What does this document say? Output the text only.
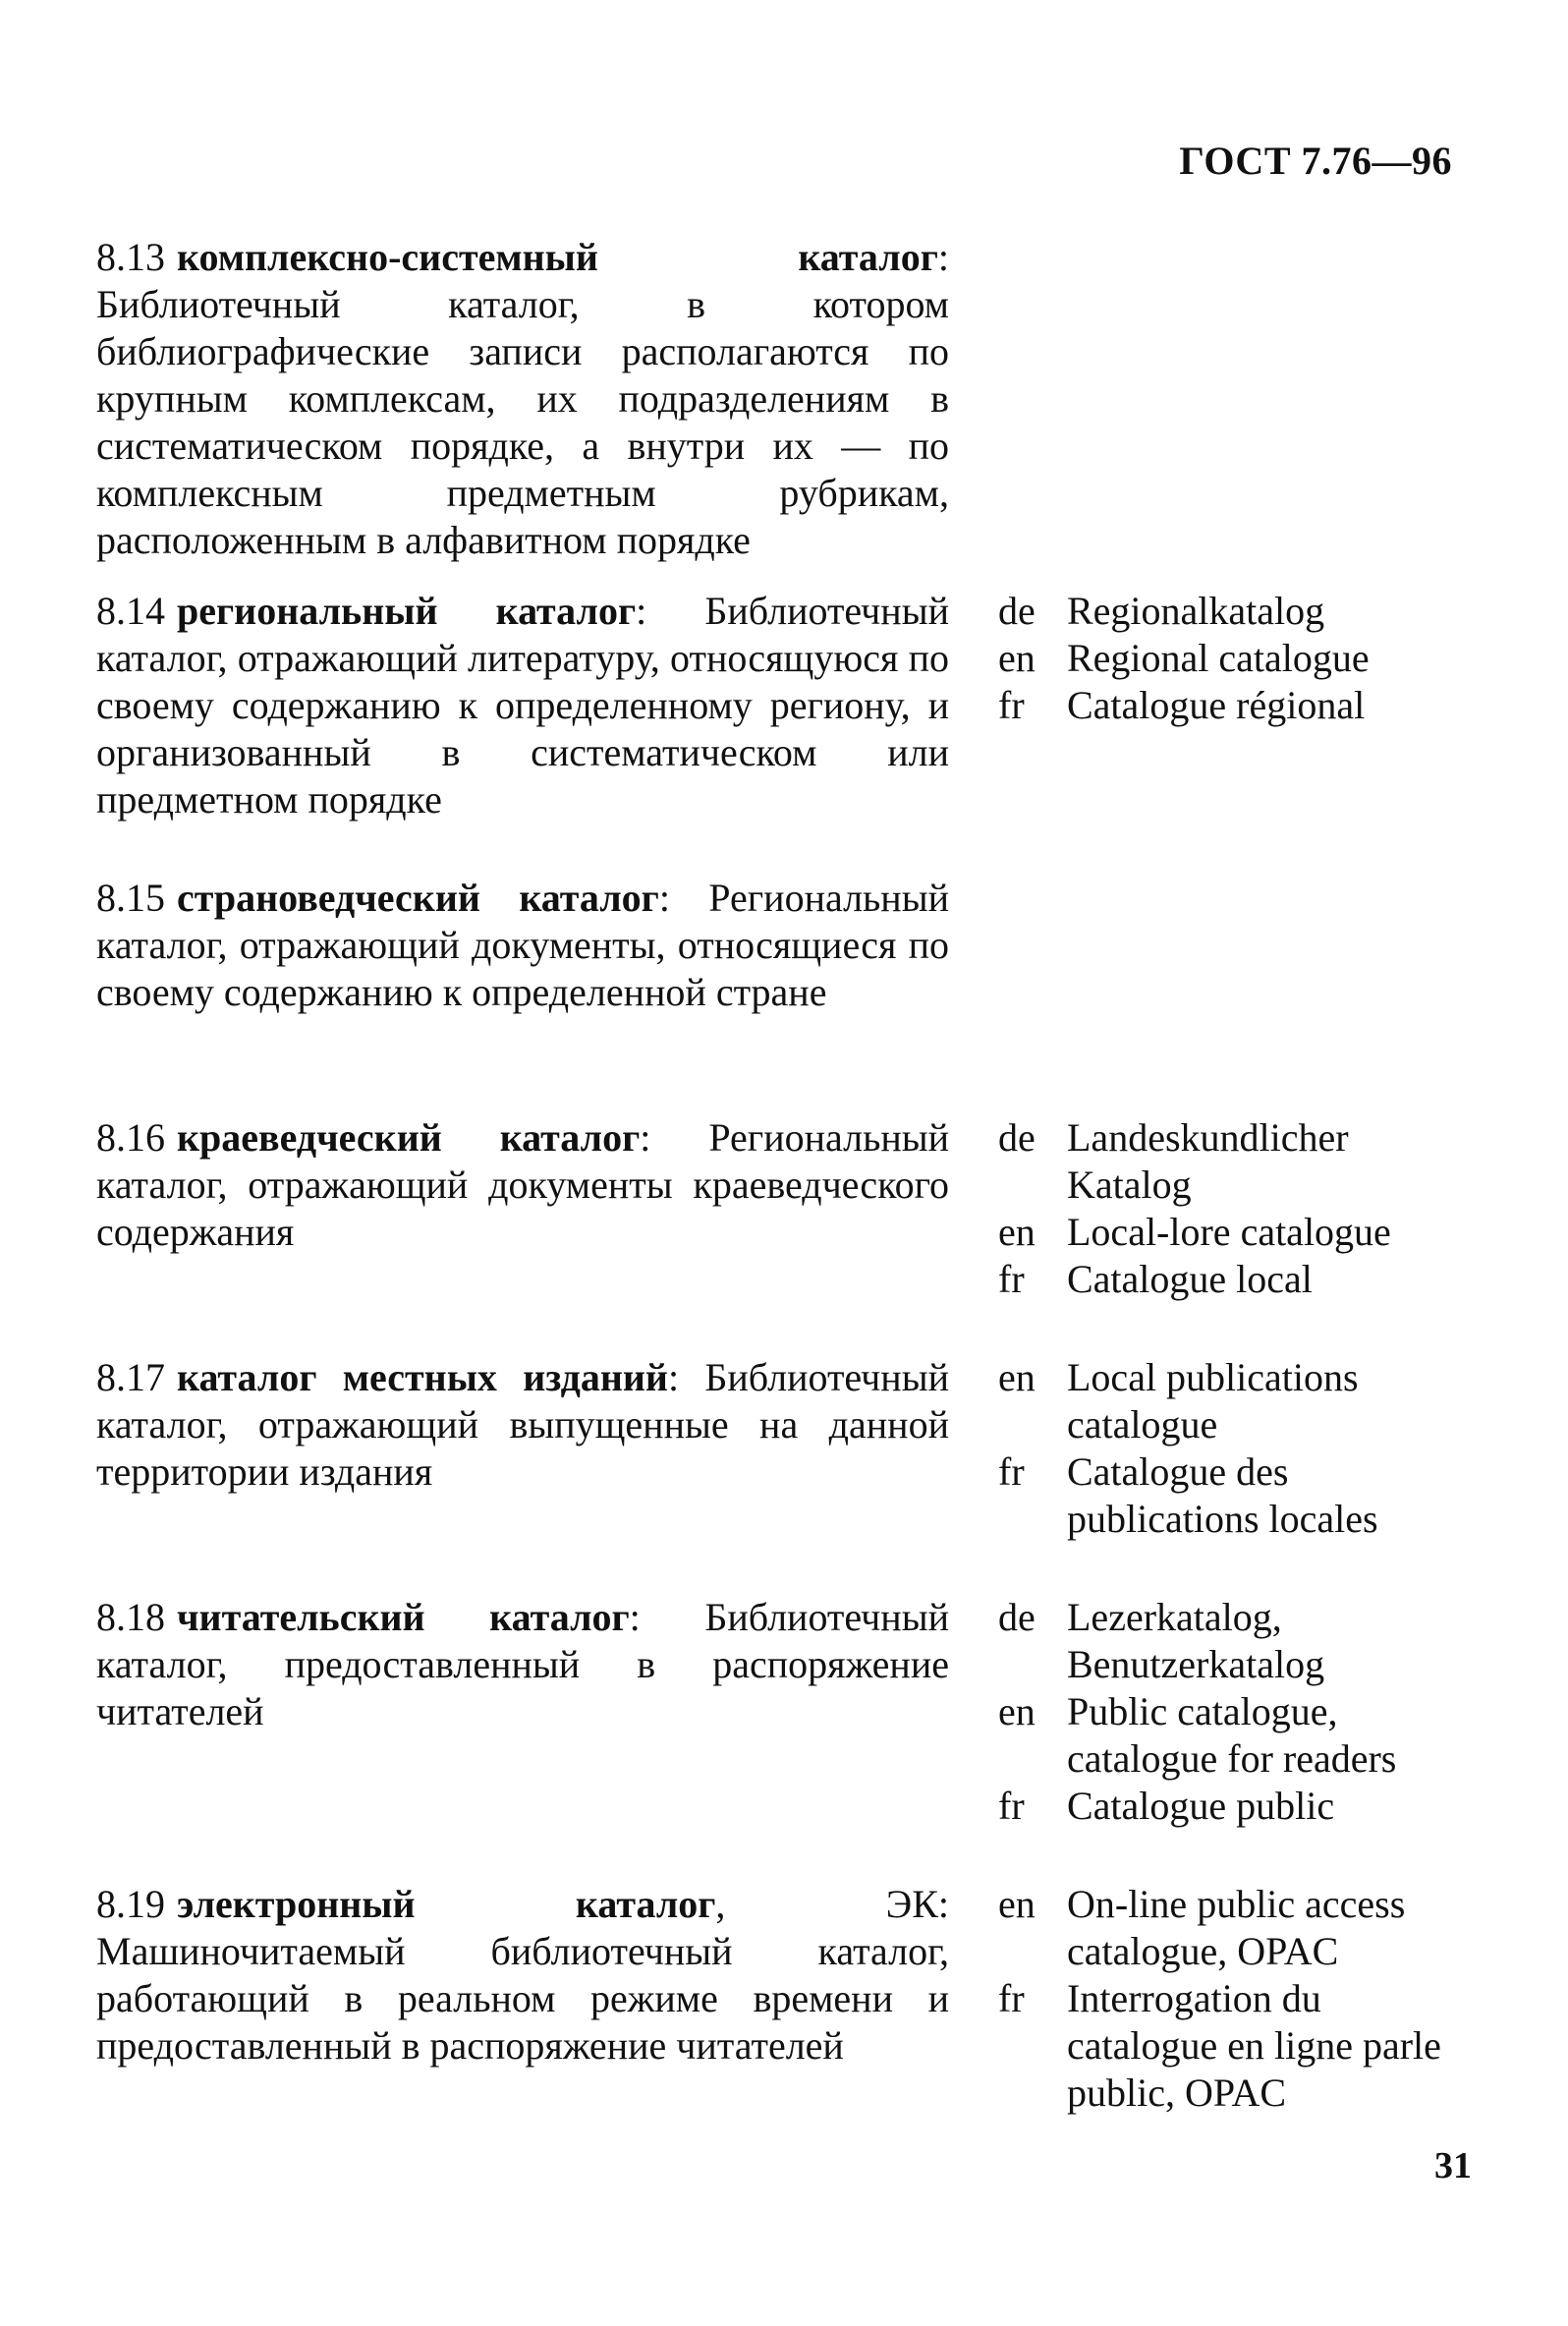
ГОСТ 7.76—96

8.13 комплексно-системный каталог: Библиотечный каталог, в котором библиографические записи располагаются по крупным комплексам, их подразделениям в систематическом порядке, а внутри их — по комплексным предметным рубрикам, расположенным в алфавитном порядке

8.14 региональный каталог: Библиотечный каталог, отражающий литературу, относящуюся по своему содержанию к определенному региону, и организованный в систематическом или предметном порядке

de Regionalkatalog
en Regional catalogue
fr	Catalogue régional

8.15 страноведческий каталог: Региональный каталог, отражающий документы, относящиеся по своему содержанию к определенной стране

8.16 краеведческий каталог: Региональный каталог, отражающий документы краеведческого содержания

de Landeskundlicher Katalog
en Local-lore catalogue
fr	Catalogue local

8.17 каталог местных изданий: Библиотечный каталог, отражающий выпущенные на данной территории издания

en Local publications catalogue
fr	Catalogue des publications locales

8.18 читательский каталог: Библиотечный каталог, предоставленный в распоряжение читателей

de Lezerkatalog, Benutzerkatalog
en Public catalogue, catalogue for readers
fr	Catalogue public

8.19 электронный каталог, ЭК: Машиночитаемый библиотечный каталог, работающий в реальном режиме времени и предоставленный в распоряжение читателей

en On-line public access catalogue, OPAC
fr	Interrogation du catalogue en ligne parle public, OPAC
31
